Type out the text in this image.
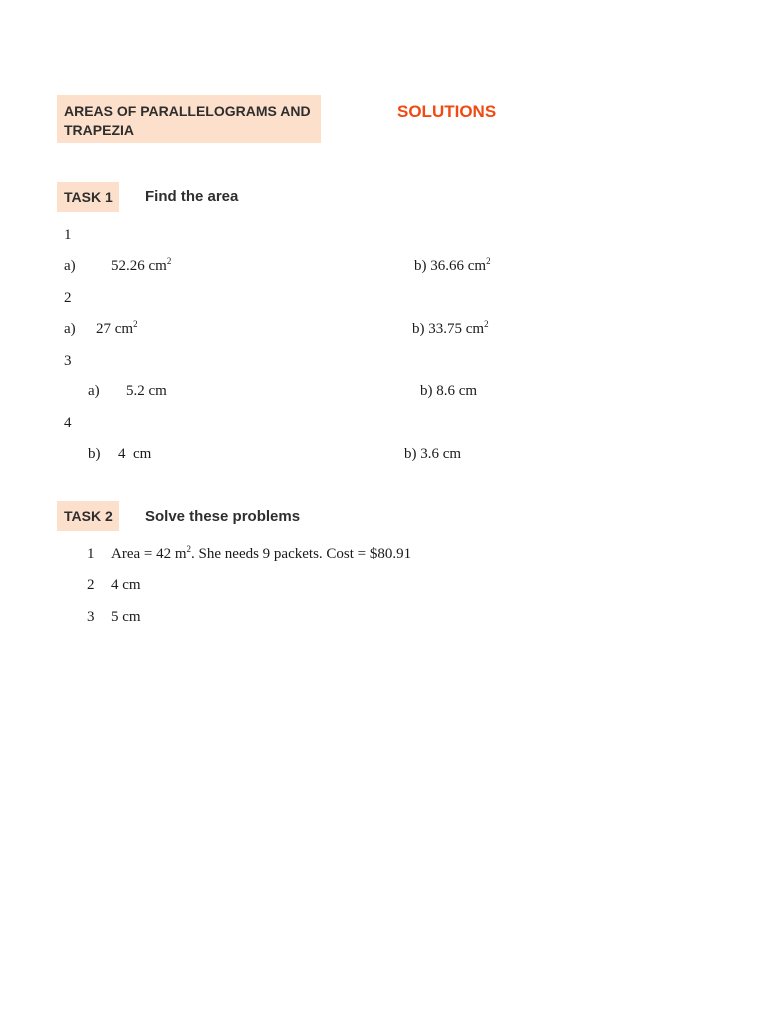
AREAS OF PARALLELOGRAMS AND
TRAPEZIA
SOLUTIONS
TASK 1	Find the area
1
a) 52.26 $cm^2$	b) 36.66 $cm^2$
2
a) 27 $cm^2$	b) 33.75 $cm^2$
3
a) 5.2 cm	b) 8.6 cm
4
b) 4  cm	b) 3.6 cm
TASK 2	Solve these problems
1 Area = 42 $m^2$. She needs 9 packets. Cost = $80.91
2 4 cm
3 5 cm
